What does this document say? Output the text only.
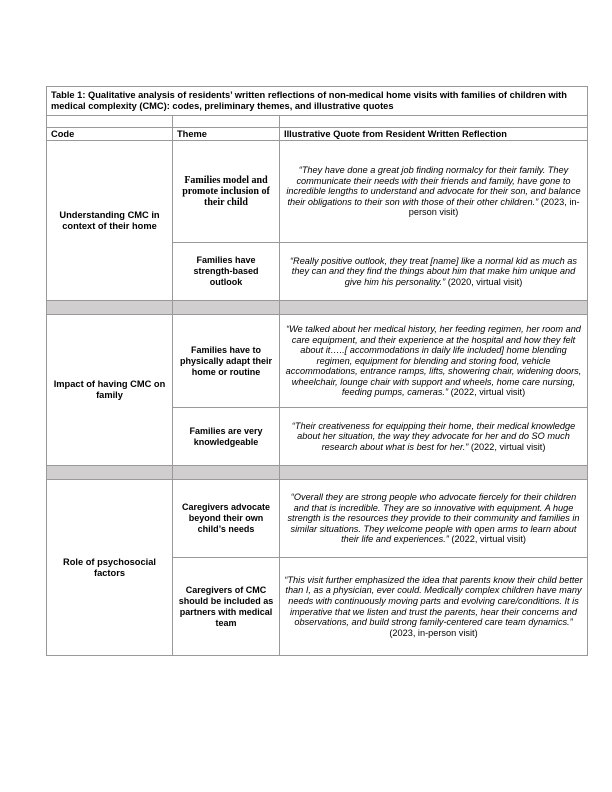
Table 1: Qualitative analysis of residents’ written reflections of non-medical home visits with families of children with medical complexity (CMC): codes, preliminary themes, and illustrative quotes		

Code	Theme	Illustrative Quote from Resident Written Reflection
Understanding CMC in context of their home	Families model and promote inclusion of their child	“They have done a great job finding normalcy for their family. They communicate their needs with their friends and family, have gone to incredible lengths to understand and advocate for their son, and balance their obligations to their son with those of their other children.” (2023, in-person visit)
	Families have strength-based outlook	“Really positive outlook, they treat [name] like a normal kid as much as they can and they find the things about him that make him unique and give him his personality.” (2020, virtual visit)

Impact of having CMC on family	Families have to physically adapt their home or routine	“We talked about her medical history, her feeding regimen, her room and care equipment, and their experience at the hospital and how they felt about it…..[ accommodations in daily life included] home blending regimen, equipment for blending and storing food, vehicle accommodations, entrance ramps, lifts, showering chair, widening doors, wheelchair, lounge chair with support and wheels, home care nursing, feeding pumps, cameras.” (2022, virtual visit)
	Families are very knowledgeable	“Their creativeness for equipping their home, their medical knowledge about her situation, the way they advocate for her and do SO much research about what is best for her.” (2022, virtual visit)

Role of psychosocial factors	Caregivers advocate beyond their own child’s needs	“Overall they are strong people who advocate fiercely for their children and that is incredible. They are so innovative with equipment. A huge strength is the resources they provide to their community and families in similar situations. They welcome people with open arms to learn about their life and experiences.” (2022, virtual visit)
	Caregivers of CMC should be included as partners with medical team	“This visit further emphasized the idea that parents know their child better than I, as a physician, ever could. Medically complex children have many needs with continuously moving parts and evolving care/conditions. It is imperative that we listen and trust the parents, hear their concerns and observations, and build strong family-centered care team dynamics.” (2023, in-person visit)
